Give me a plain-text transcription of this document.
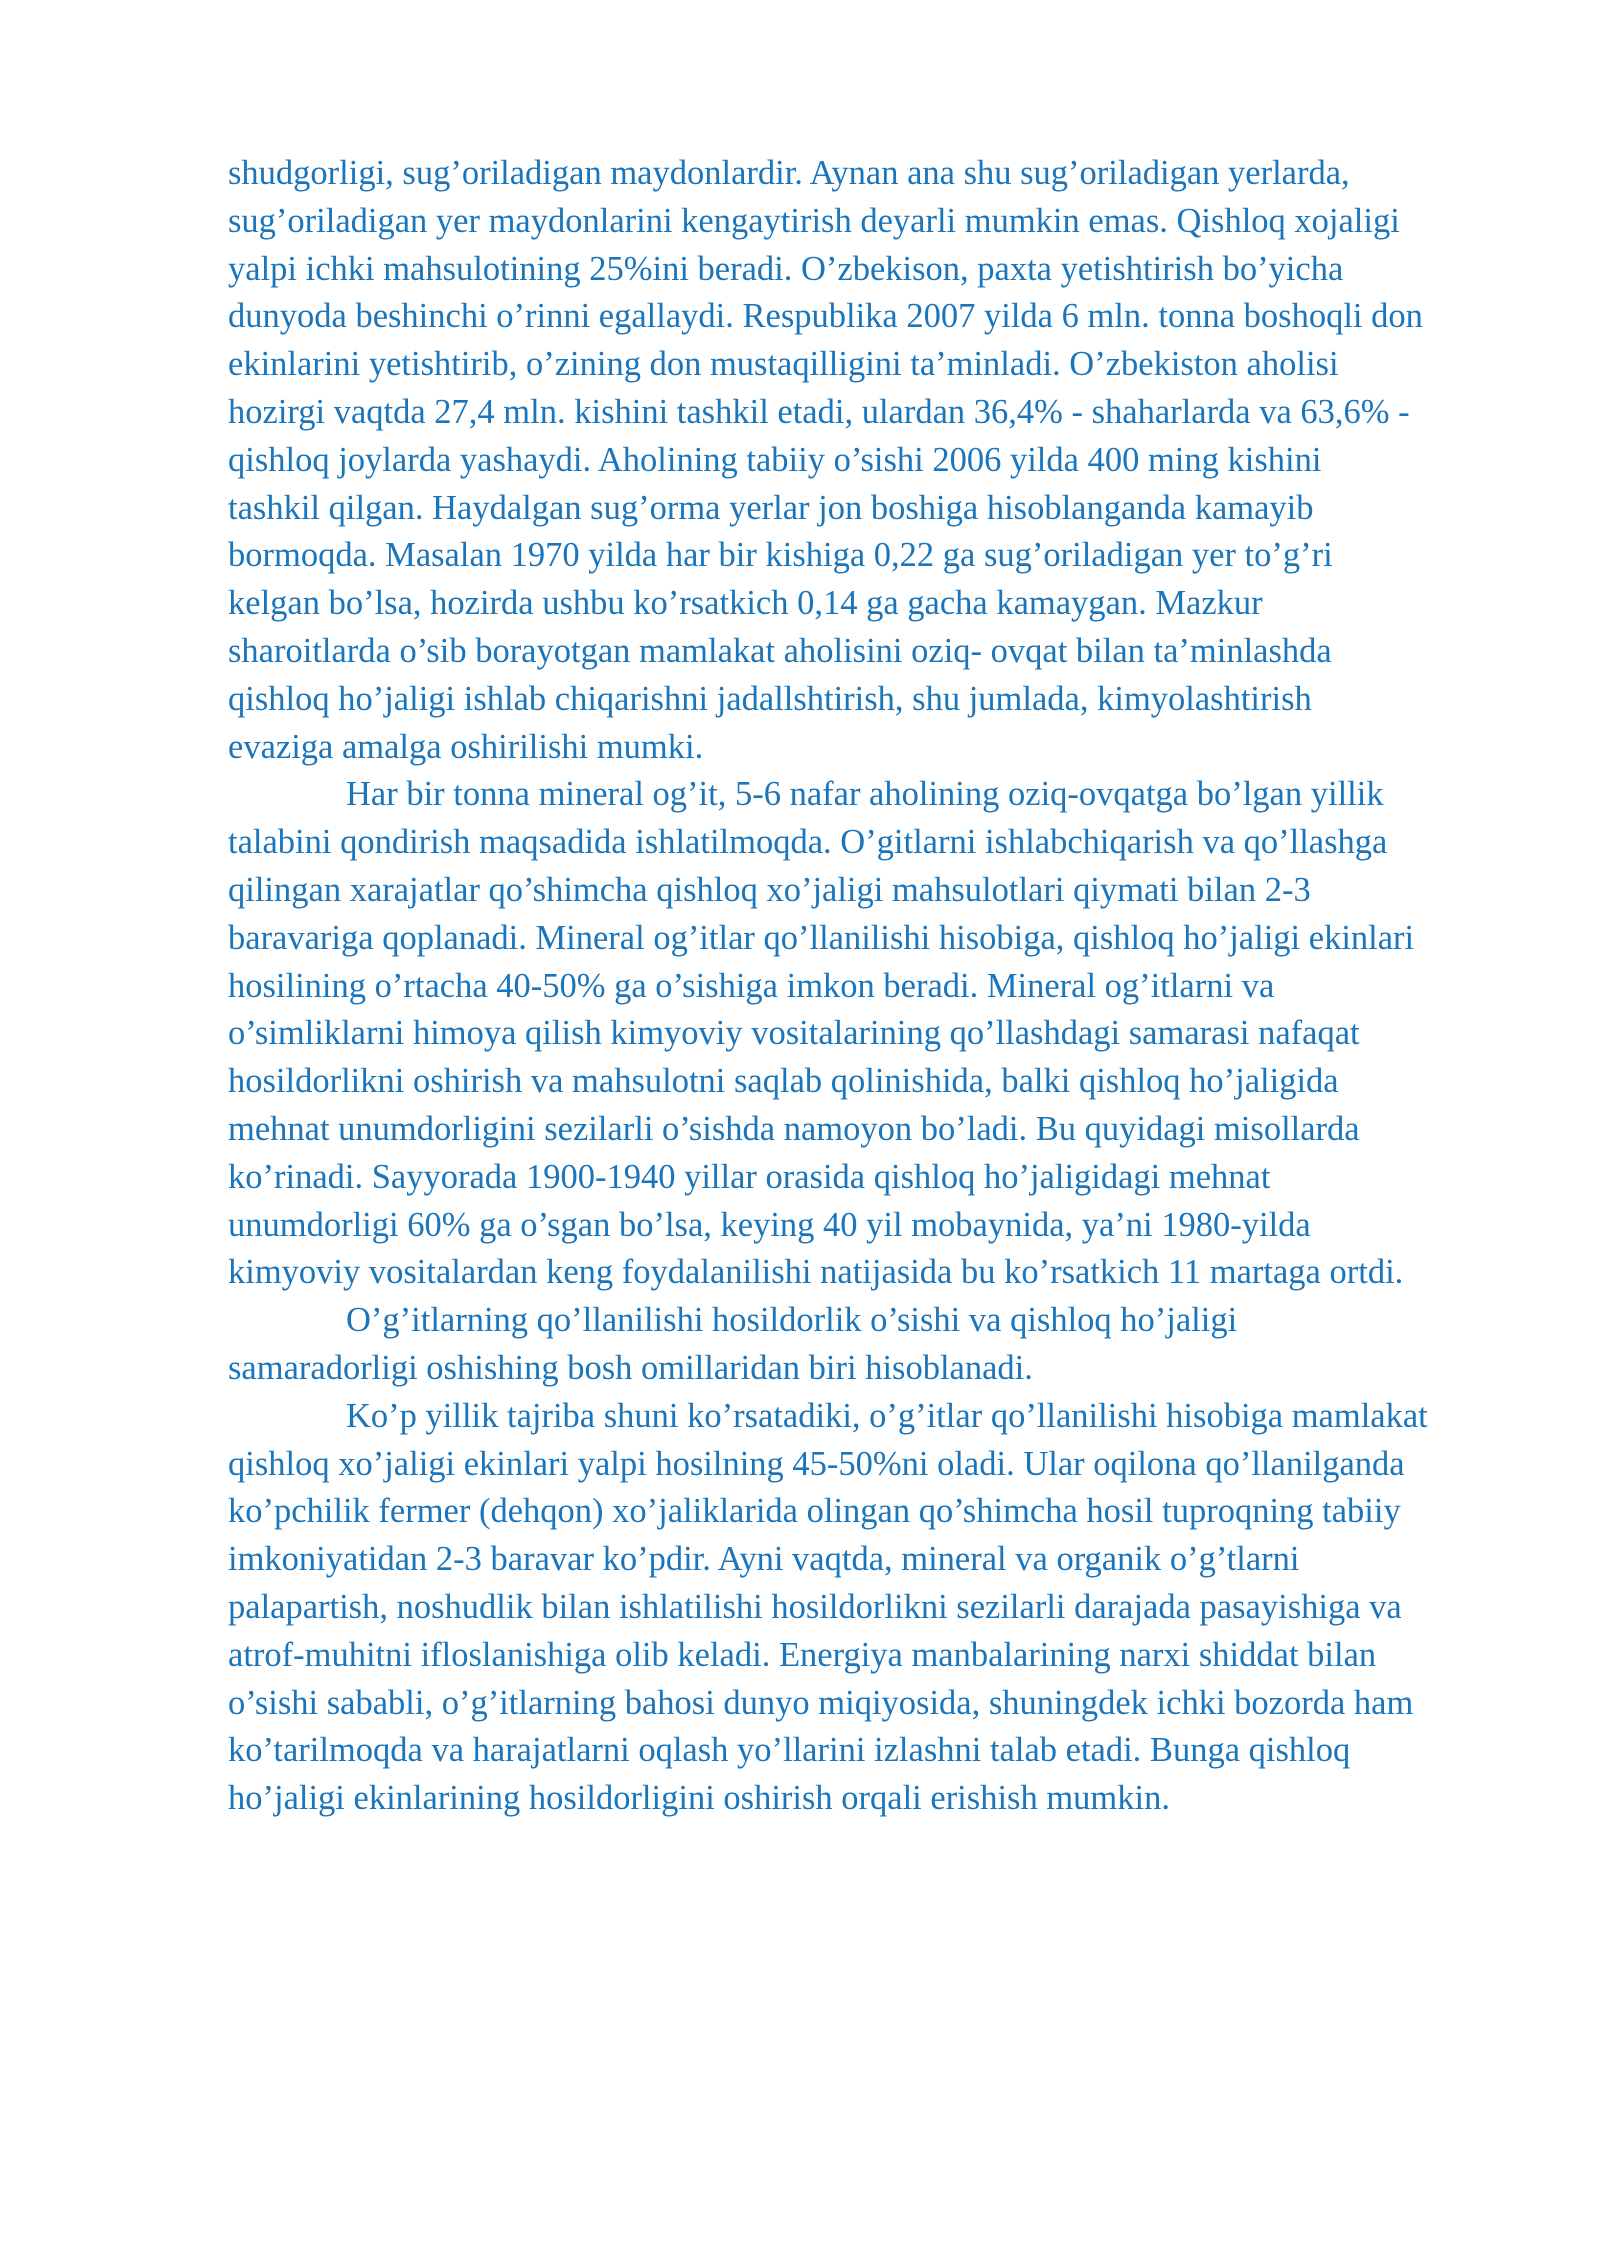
shudgorligi, sug’oriladigan maydonlardir. Aynan ana shu sug’oriladigan yerlarda,
sug’oriladigan yer maydonlarini kengaytirish deyarli mumkin emas. Qishloq xojaligi
yalpi ichki mahsulotining 25%ini beradi. O’zbekison, paxta yetishtirish bo’yicha
dunyoda beshinchi o’rinni egallaydi. Respublika 2007 yilda 6 mln. tonna boshoqli don
ekinlarini yetishtirib, o’zining don mustaqilligini ta’minladi. O’zbekiston aholisi
hozirgi vaqtda 27,4 mln. kishini tashkil etadi, ulardan 36,4% - shaharlarda va 63,6% -
qishloq joylarda yashaydi. Aholining tabiiy o’sishi 2006 yilda 400 ming kishini
tashkil qilgan. Haydalgan sug’orma yerlar jon boshiga hisoblanganda kamayib
bormoqda. Masalan 1970 yilda har bir kishiga 0,22 ga sug’oriladigan yer to’g’ri
kelgan bo’lsa, hozirda ushbu ko’rsatkich 0,14 ga gacha kamaygan. Mazkur
sharoitlarda o’sib borayotgan mamlakat aholisini oziq- ovqat bilan ta’minlashda
qishloq ho’jaligi ishlab chiqarishni jadallshtirish, shu jumlada, kimyolashtirish
evaziga amalga oshirilishi mumki.

Har bir tonna mineral og’it, 5-6 nafar aholining oziq-ovqatga bo’lgan yillik
talabini qondirish maqsadida ishlatilmoqda. O’gitlarni ishlabchiqarish va qo’llashga
qilingan xarajatlar qo’shimcha qishloq xo’jaligi mahsulotlari qiymati bilan 2-3
baravariga qoplanadi. Mineral og’itlar qo’llanilishi hisobiga, qishloq ho’jaligi ekinlari
hosilining o’rtacha 40-50% ga o’sishiga imkon beradi. Mineral og’itlarni va
o’simliklarni himoya qilish kimyoviy vositalarining qo’llashdagi samarasi nafaqat
hosildorlikni oshirish va mahsulotni saqlab qolinishida, balki qishloq ho’jaligida
mehnat unumdorligini sezilarli o’sishda namoyon bo’ladi. Bu quyidagi misollarda
ko’rinadi. Sayyorada 1900-1940 yillar orasida qishloq ho’jaligidagi mehnat
unumdorligi 60% ga o’sgan bo’lsa, keying 40 yil mobaynida, ya’ni 1980-yilda
kimyoviy vositalardan keng foydalanilishi natijasida bu ko’rsatkich 11 martaga ortdi.

O’g’itlarning qo’llanilishi hosildorlik o’sishi va qishloq ho’jaligi
samaradorligi oshishing bosh omillaridan biri hisoblanadi.

Ko’p yillik tajriba shuni ko’rsatadiki, o’g’itlar qo’llanilishi hisobiga mamlakat
qishloq xo’jaligi ekinlari yalpi hosilning 45-50%ni oladi. Ular oqilona qo’llanilganda
ko’pchilik fermer (dehqon) xo’jaliklarida olingan qo’shimcha hosil tuproqning tabiiy
imkoniyatidan 2-3 baravar ko’pdir. Ayni vaqtda, mineral va organik o’g’tlarni
palapartish, noshudlik bilan ishlatilishi hosildorlikni sezilarli darajada pasayishiga va
atrof-muhitni ifloslanishiga olib keladi. Energiya manbalarining narxi shiddat bilan
o’sishi sababli, o’g’itlarning bahosi dunyo miqiyosida, shuningdek ichki bozorda ham
ko’tarilmoqda va harajatlarni oqlash yo’llarini izlashni talab etadi. Bunga qishloq
ho’jaligi ekinlarining hosildorligini oshirish orqali erishish mumkin.
